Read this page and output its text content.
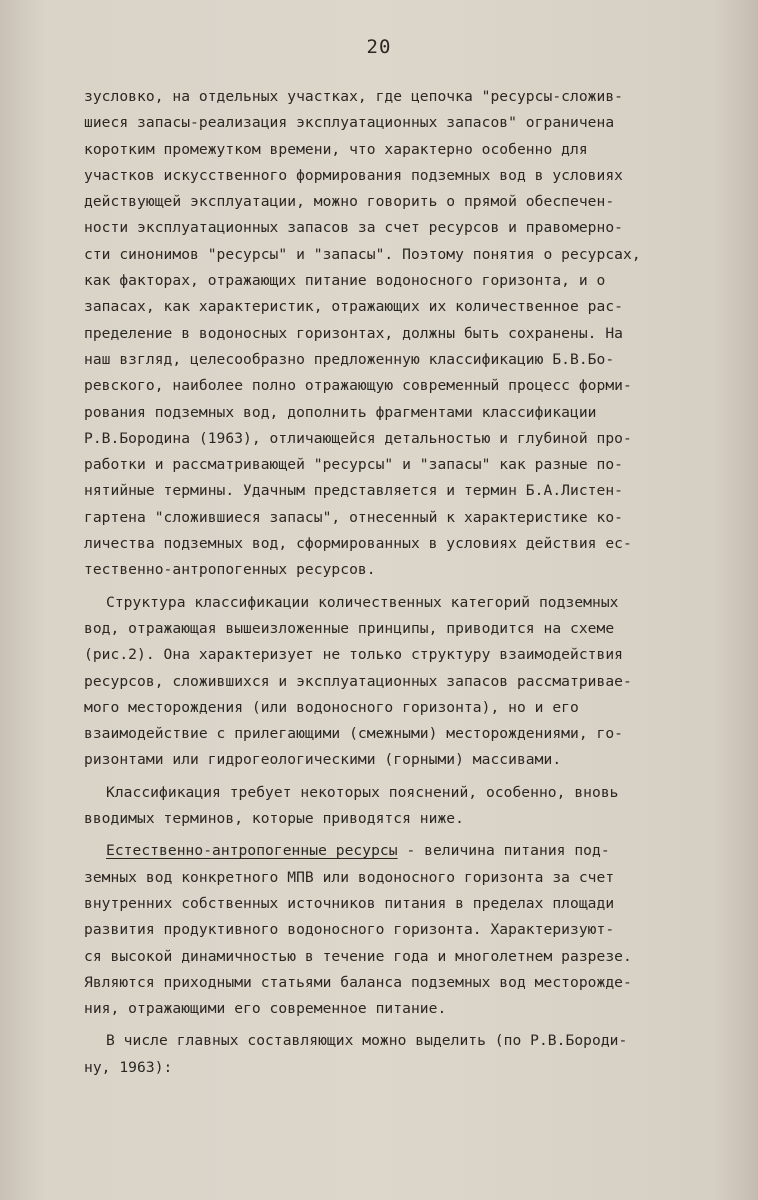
20
зусловко, на отдельных участках, где цепочка "ресурсы-сложив-
шиеся запасы-реализация эксплуатационных запасов" ограничена
коротким промежутком времени, что характерно особенно для
участков искусственного формирования подземных вод в условиях
действующей эксплуатации, можно говорить о прямой обеспечен-
ности эксплуатационных запасов за счет ресурсов и правомерно-
сти синонимов "ресурсы" и "запасы". Поэтому понятия о ресурсах,
как факторах, отражающих питание водоносного горизонта, и о
запасах, как характеристик, отражающих их количественное рас-
пределение в водоносных горизонтах, должны быть сохранены. На
наш взгляд, целесообразно предложенную классификацию Б.В.Бо-
ревского, наиболее полно отражающую современный процесс форми-
рования подземных вод, дополнить фрагментами классификации
Р.В.Бородина (1963), отличающейся детальностью и глубиной про-
работки и рассматривающей "ресурсы" и "запасы" как разные по-
нятийные термины. Удачным представляется и термин Б.А.Листен-
гартена "сложившиеся запасы", отнесенный к характеристике ко-
личества подземных вод, сформированных в условиях действия ес-
тественно-антропогенных ресурсов.
Структура классификации количественных категорий подземных
вод, отражающая вышеизложенные принципы, приводится на схеме
(рис.2). Она характеризует не только структуру взаимодействия
ресурсов, сложившихся и эксплуатационных запасов рассматривае-
мого месторождения (или водоносного горизонта), но и его
взаимодействие с прилегающими (смежными) месторождениями, го-
ризонтами или гидрогеологическими (горными) массивами.
Классификация требует некоторых пояснений, особенно, вновь
вводимых терминов, которые приводятся ниже.
Естественно-антропогенные ресурсы - величина питания под-
земных вод конкретного МПВ или водоносного горизонта за счет
внутренних собственных источников питания в пределах площади
развития продуктивного водоносного горизонта. Характеризуют-
ся высокой динамичностью в течение года и многолетнем разрезе.
Являются приходными статьями баланса подземных вод месторожде-
ния, отражающими его современное питание.
В числе главных составляющих можно выделить (по Р.В.Бороди-
ну, 1963):
